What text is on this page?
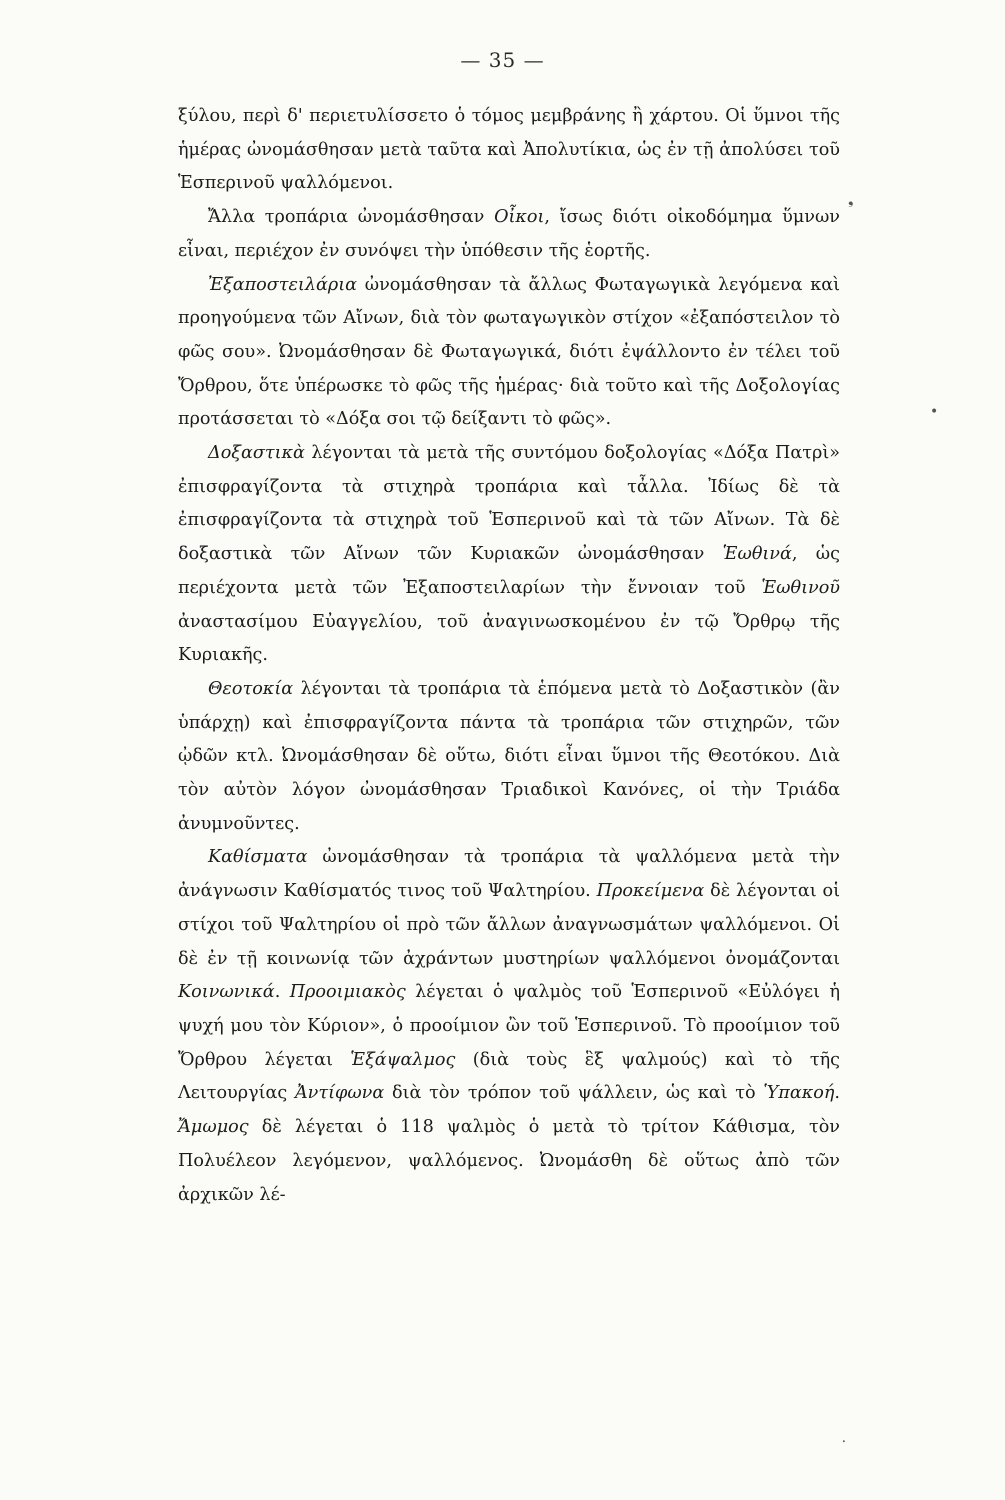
— 35 —

ξύλου, περὶ δ' περιετυλίσσετο ὁ τόμος μεμβράνης ἢ χάρτου. Οἱ ὕμνοι τῆς ἡμέρας ὠνομάσθησαν μετὰ ταῦτα καὶ Ἀπολυτίκια, ὡς ἐν τῇ ἀπολύσει τοῦ Ἑσπερινοῦ ψαλλόμενοι.

Ἄλλα τροπάρια ὠνομάσθησαν Οἶκοι, ἴσως διότι οἰκοδόμημα ὕμνων εἶναι, περιέχον ἐν συνόψει τὴν ὑπόθεσιν τῆς ἑορτῆς.

Ἐξαποστειλάρια ὠνομάσθησαν τὰ ἄλλως Φωταγωγικὰ λεγόμενα καὶ προηγούμενα τῶν Αἴνων, διὰ τὸν φωταγωγικὸν στίχον «ἐξαπόστειλον τὸ φῶς σου». Ὠνομάσθησαν δὲ Φωταγωγικά, διότι ἐψάλλοντο ἐν τέλει τοῦ Ὄρθρου, ὅτε ὑπέρωσκε τὸ φῶς τῆς ἡμέρας· διὰ τοῦτο καὶ τῆς Δοξολογίας προτάσσεται τὸ «Δόξα σοι τῷ δείξαντι τὸ φῶς».

Δοξαστικὰ λέγονται τὰ μετὰ τῆς συντόμου δοξολογίας «Δόξα Πατρὶ» ἐπισφραγίζοντα τὰ στιχηρὰ τροπάρια καὶ τἆλλα. Ἰδίως δὲ τὰ ἐπισφραγίζοντα τὰ στιχηρὰ τοῦ Ἑσπερινοῦ καὶ τὰ τῶν Αἴνων. Τὰ δὲ δοξαστικὰ τῶν Αἴνων τῶν Κυριακῶν ὠνομάσθησαν Ἑωθινά, ὡς περιέχοντα μετὰ τῶν Ἐξαποστειλαρίων τὴν ἔννοιαν τοῦ Ἑωθινοῦ ἀναστασίμου Εὐαγγελίου, τοῦ ἀναγινωσκομένου ἐν τῷ Ὄρθρῳ τῆς Κυριακῆς.

Θεοτοκία λέγονται τὰ τροπάρια τὰ ἑπόμενα μετὰ τὸ Δοξαστικὸν (ἂν ὑπάρχῃ) καὶ ἐπισφραγίζοντα πάντα τὰ τροπάρια τῶν στιχηρῶν, τῶν ᾠδῶν κτλ. Ὠνομάσθησαν δὲ οὕτω, διότι εἶναι ὕμνοι τῆς Θεοτόκου. Διὰ τὸν αὐτὸν λόγον ὠνομάσθησαν Τριαδικοὶ Κανόνες, οἱ τὴν Τριάδα ἀνυμνοῦντες.

Καθίσματα ὠνομάσθησαν τὰ τροπάρια τὰ ψαλλόμενα μετὰ τὴν ἀνάγνωσιν Καθίσματός τινος τοῦ Ψαλτηρίου. Προκείμενα δὲ λέγονται οἱ στίχοι τοῦ Ψαλτηρίου οἱ πρὸ τῶν ἄλλων ἀναγνωσμάτων ψαλλόμενοι. Οἱ δὲ ἐν τῇ κοινωνίᾳ τῶν ἀχράντων μυστηρίων ψαλλόμενοι ὀνομάζονται Κοινωνικά. Προοιμιακὸς λέγεται ὁ ψαλμὸς τοῦ Ἑσπερινοῦ «Εὐλόγει ἡ ψυχή μου τὸν Κύριον», ὁ προοίμιον ὢν τοῦ Ἑσπερινοῦ. Τὸ προοίμιον τοῦ Ὄρθρου λέγεται Ἑξάψαλμος (διὰ τοὺς ἓξ ψαλμούς) καὶ τὸ τῆς Λειτουργίας Ἀντίφωνα διὰ τὸν τρόπον τοῦ ψάλλειν, ὡς καὶ τὸ Ὑπακοή. Ἄμωμος δὲ λέγεται ὁ 118 ψαλμὸς ὁ μετὰ τὸ τρίτον Κάθισμα, τὸν Πολυέλεον λεγόμενον, ψαλλόμενος. Ὠνομάσθη δὲ οὕτως ἀπὸ τῶν ἀρχικῶν λέ-

❟
•
⸱
